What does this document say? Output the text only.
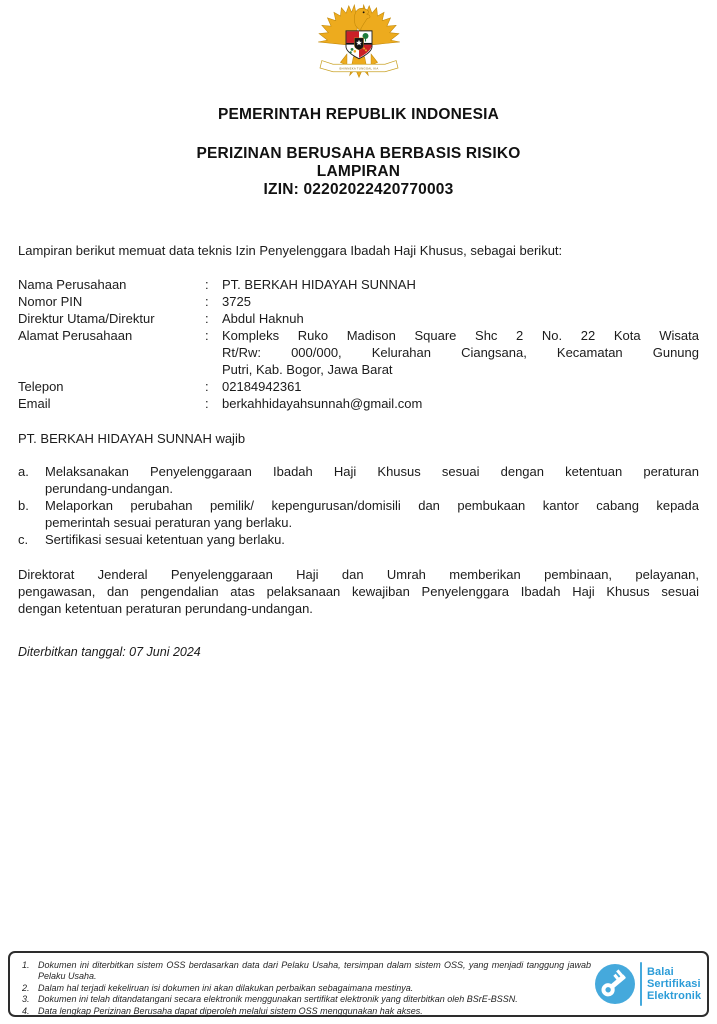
BHINNEKA TUNGGAL IKA
PEMERINTAH REPUBLIK INDONESIA
PERIZINAN BERUSAHA BERBASIS RISIKO
LAMPIRAN
IZIN: 02202022420770003

Lampiran berikut memuat data teknis Izin Penyelenggara Ibadah Haji Khusus, sebagai berikut:

Nama Perusahaan	:	PT. BERKAH HIDAYAH SUNNAH
Nomor PIN	:	3725
Direktur Utama/Direktur	:	Abdul Haknuh
Alamat Perusahaan	:	Kompleks Ruko Madison Square Shc 2 No. 22 Kota Wisata
Rt/Rw: 000/000, Kelurahan Ciangsana, Kecamatan Gunung
Putri, Kab. Bogor, Jawa Barat
Telepon	:	02184942361
Email	:	berkahhidayahsunnah@gmail.com

PT. BERKAH HIDAYAH SUNNAH wajib

a.	Melaksanakan Penyelenggaraan Ibadah Haji Khusus sesuai dengan ketentuan peraturan
perundang-undangan.
b.	Melaporkan perubahan pemilik/ kepengurusan/domisili dan pembukaan kantor cabang kepada
pemerintah sesuai peraturan yang berlaku.
c.	Sertifikasi sesuai ketentuan yang berlaku.
Direktorat Jenderal Penyelenggaraan Haji dan Umrah memberikan pembinaan, pelayanan,
pengawasan, dan pengendalian atas pelaksanaan kewajiban Penyelenggara Ibadah Haji Khusus sesuai
dengan ketentuan peraturan perundang-undangan.

Diterbitkan tanggal: 07 Juni 2024

1. Dokumen ini diterbitkan sistem OSS berdasarkan data dari Pelaku Usaha, tersimpan dalam sistem OSS, yang menjadi tanggung jawab
Pelaku Usaha.
2. Dalam hal terjadi kekeliruan isi dokumen ini akan dilakukan perbaikan sebagaimana mestinya.
3. Dokumen ini telah ditandatangani secara elektronik menggunakan sertifikat elektronik yang diterbitkan oleh BSrE-BSSN.
4. Data lengkap Perizinan Berusaha dapat diperoleh melalui sistem OSS menggunakan hak akses.
Balai
Sertifikasi
Elektronik
